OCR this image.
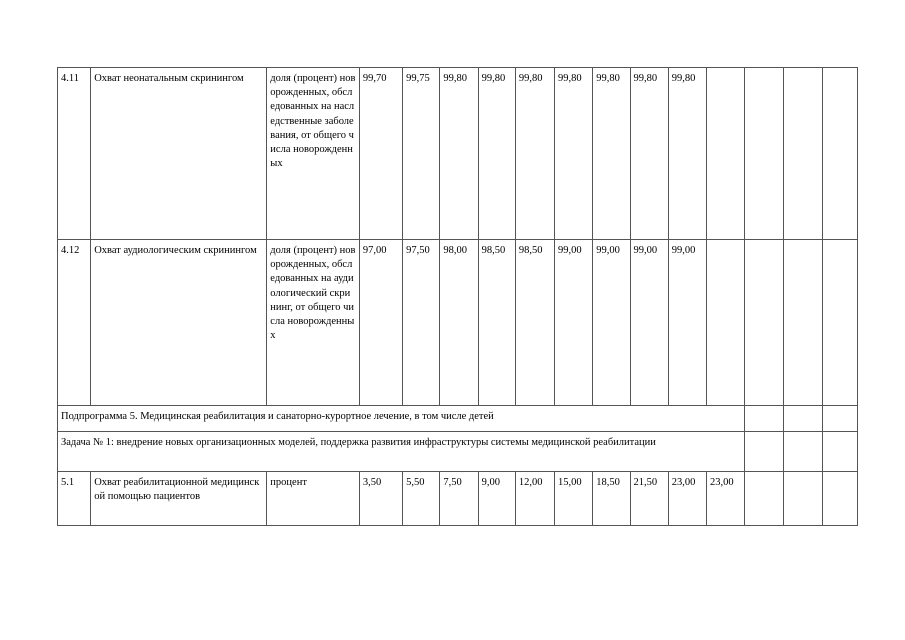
4.11	Охват неонатальным скринингом	доля (процент) новорожденных, обследованных на наследственные заболевания, от общего числа новорожденных	99,70	99,75	99,80	99,80	99,80	99,80	99,80	99,80	99,80				
4.12	Охват аудиологическим скринингом	доля (процент) новорожденных, обследованных на аудиологический скрининг, от общего числа новорожденных	97,00	97,50	98,00	98,50	98,50	99,00	99,00	99,00	99,00				
Подпрограмма 5. Медицинская реабилитация и санаторно-курортное лечение, в том числе детей															
Задача № 1: внедрение новых организационных моделей, поддержка развития инфраструктуры системы медицинской реабилитации															
5.1	Охват реабилитационной медицинской помощью пациентов	процент	3,50	5,50	7,50	9,00	12,00	15,00	18,50	21,50	23,00	23,00			
